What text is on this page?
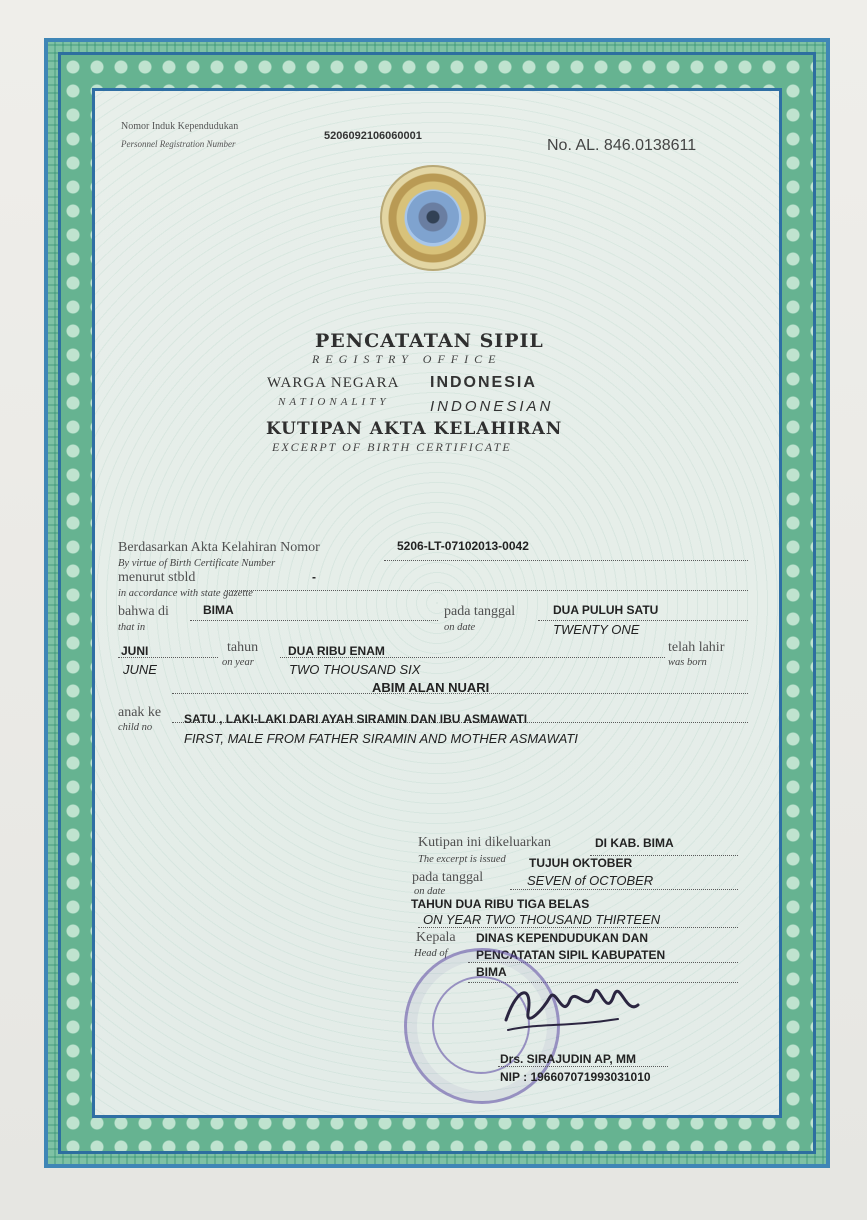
Nomor Induk Kependudukan
Personnel Registration Number
5206092106060001
No. AL. 846.0138611
PENCATATAN SIPIL
REGISTRY OFFICE
WARGA NEGARA INDONESIA
NATIONALITY	INDONESIAN
KUTIPAN AKTA KELAHIRAN
EXCERPT OF BIRTH CERTIFICATE
Berdasarkan Akta Kelahiran Nomor
By virtue of Birth Certificate Number
5206-LT-07102013-0042
menurut stbld
in accordance with state gazette
-
bahwa di
that in
BIMA	pada tanggal
on date
DUA PULUH SATU
TWENTY ONE
JUNI
JUNE
tahun
on year
DUA RIBU ENAM
TWO THOUSAND SIX
telah lahir
was born
ABIM ALAN NUARI
anak ke
child no
SATU , LAKI-LAKI DARI AYAH SIRAMIN DAN IBU ASMAWATI
FIRST, MALE FROM FATHER SIRAMIN AND MOTHER ASMAWATI
Kutipan ini dikeluarkan
The excerpt is issued
DI KAB. BIMA
pada tanggal
on date
TUJUH OKTOBER
SEVEN of OCTOBER
TAHUN DUA RIBU TIGA BELAS
ON YEAR TWO THOUSAND THIRTEEN
Kepala
Head of
DINAS KEPENDUDUKAN DAN
PENCATATAN SIPIL KABUPATEN
BIMA
Drs. SIRAJUDIN AP, MM
NIP : 196607071993031010
